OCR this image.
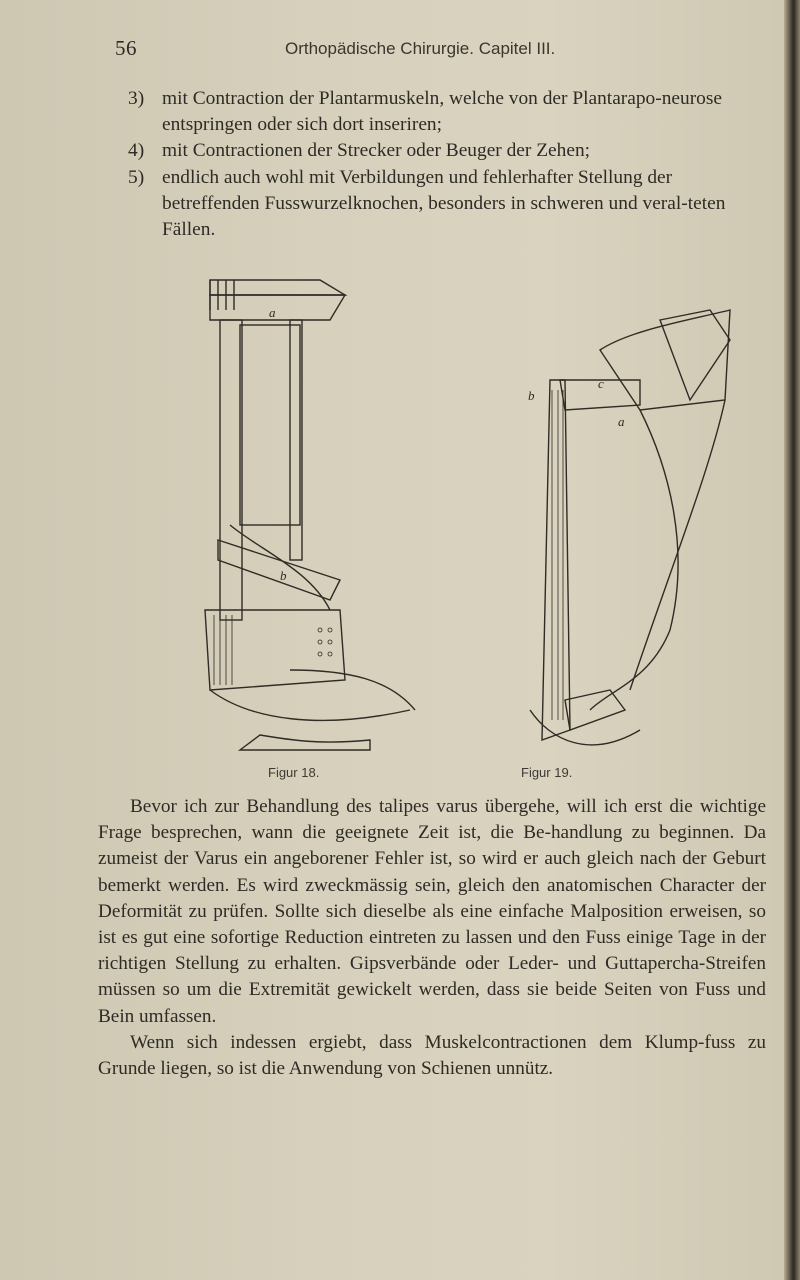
56	Orthopädische Chirurgie. Capitel III.
3) mit Contraction der Plantarmuskeln, welche von der Plantarapo-neurose entspringen oder sich dort inseriren;
4) mit Contractionen der Strecker oder Beuger der Zehen;
5) endlich auch wohl mit Verbildungen und fehlerhafter Stellung der betreffenden Fusswurzelknochen, besonders in schweren und veral-teten Fällen.
a
b
b
c
a
Figur 18.	Figur 19.

Bevor ich zur Behandlung des talipes varus übergehe, will ich erst die wichtige Frage besprechen, wann die geeignete Zeit ist, die Be-handlung zu beginnen. Da zumeist der Varus ein angeborener Fehler ist, so wird er auch gleich nach der Geburt bemerkt werden. Es wird zweckmässig sein, gleich den anatomischen Character der Deformität zu prüfen. Sollte sich dieselbe als eine einfache Malposition erweisen, so ist es gut eine sofortige Reduction eintreten zu lassen und den Fuss einige Tage in der richtigen Stellung zu erhalten. Gipsverbände oder Leder- und Guttapercha-Streifen müssen so um die Extremität gewickelt werden, dass sie beide Seiten von Fuss und Bein umfassen.

Wenn sich indessen ergiebt, dass Muskelcontractionen dem Klump-fuss zu Grunde liegen, so ist die Anwendung von Schienen unnütz.
